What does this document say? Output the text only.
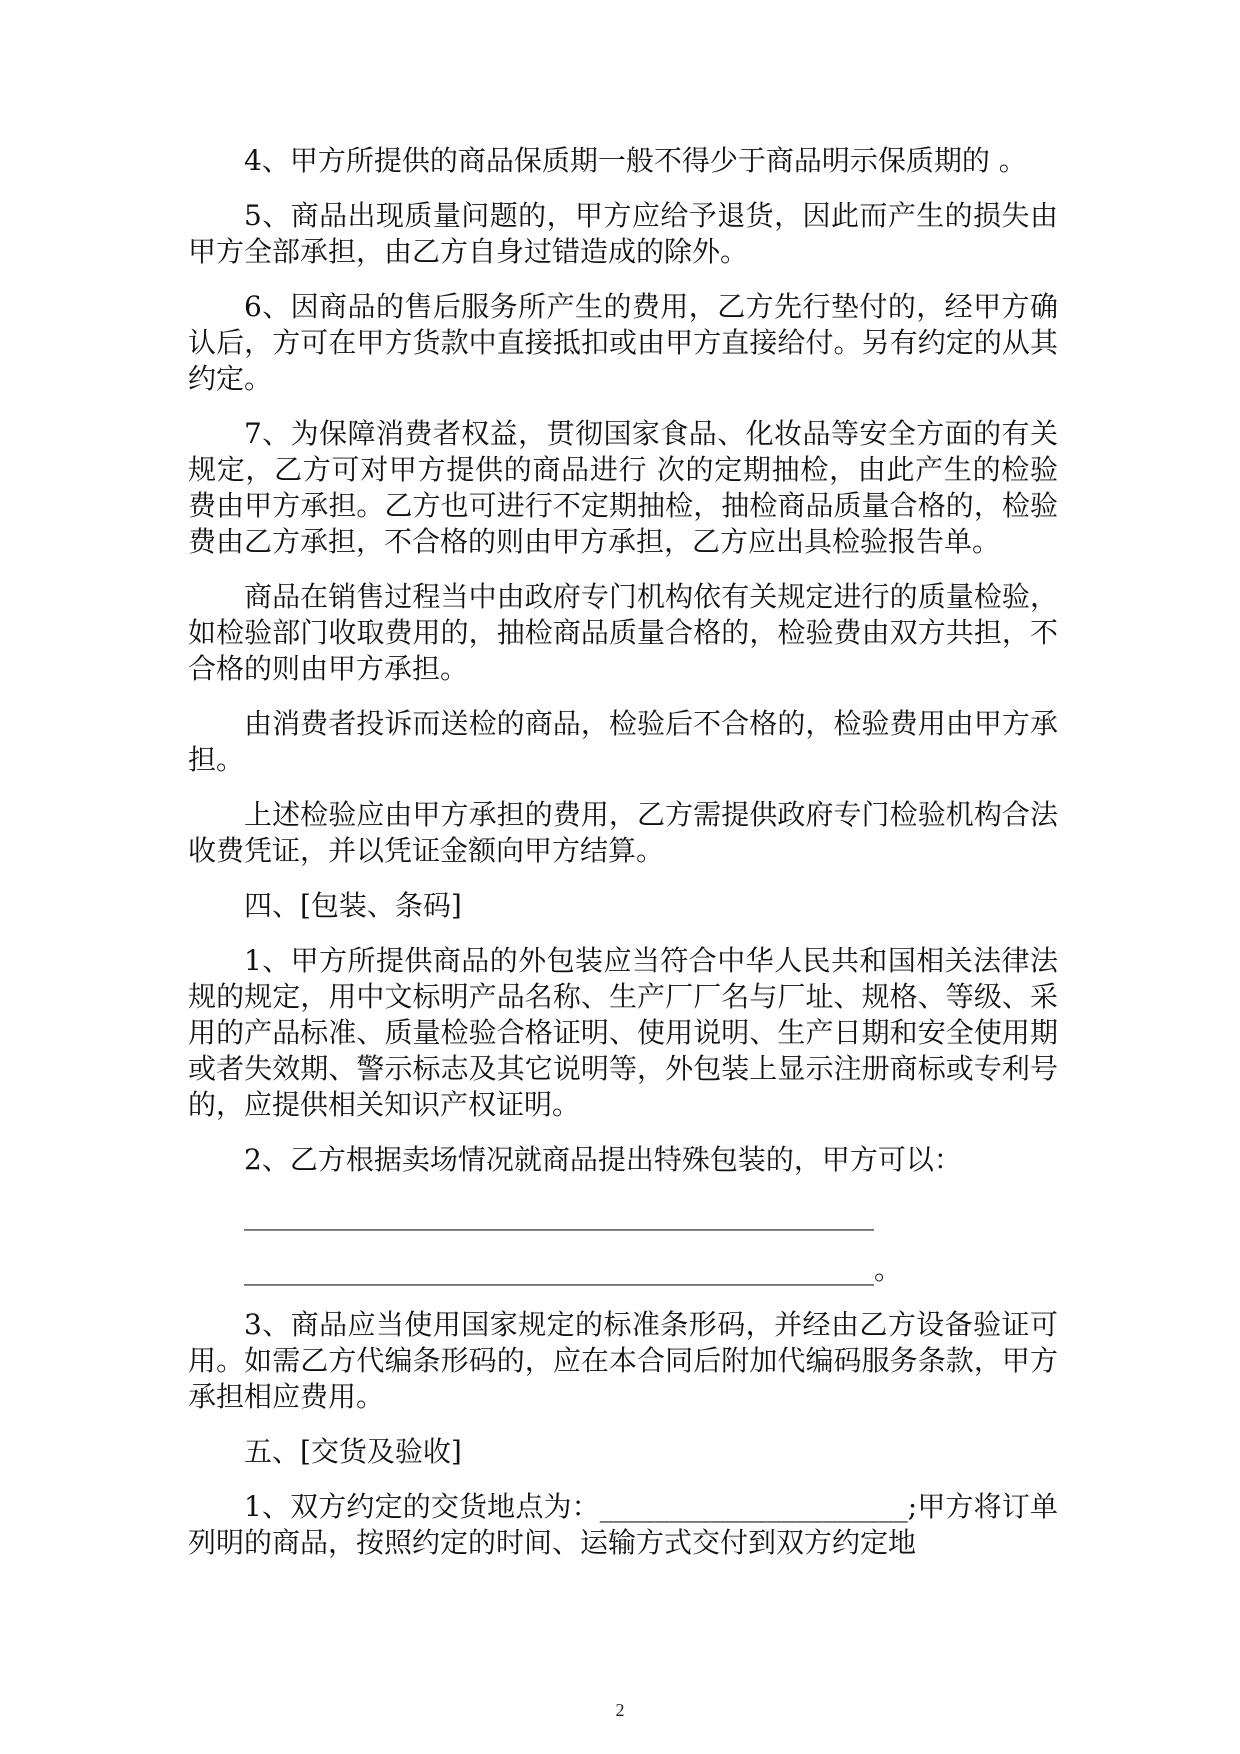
4、甲方所提供的商品保质期一般不得少于商品明示保质期的 。

5、商品出现质量问题的，甲方应给予退货，因此而产生的损失由甲方全部承担，由乙方自身过错造成的除外。

6、因商品的售后服务所产生的费用，乙方先行垫付的，经甲方确认后，方可在甲方货款中直接抵扣或由甲方直接给付。另有约定的从其约定。

7、为保障消费者权益，贯彻国家食品、化妆品等安全方面的有关规定，乙方可对甲方提供的商品进行 次的定期抽检，由此产生的检验费由甲方承担。乙方也可进行不定期抽检，抽检商品质量合格的，检验费由乙方承担，不合格的则由甲方承担，乙方应出具检验报告单。

商品在销售过程当中由政府专门机构依有关规定进行的质量检验，如检验部门收取费用的，抽检商品质量合格的，检验费由双方共担，不合格的则由甲方承担。

由消费者投诉而送检的商品，检验后不合格的，检验费用由甲方承担。

上述检验应由甲方承担的费用，乙方需提供政府专门检验机构合法收费凭证，并以凭证金额向甲方结算。

四、[包装、条码]

1、甲方所提供商品的外包装应当符合中华人民共和国相关法律法规的规定，用中文标明产品名称、生产厂厂名与厂址、规格、等级、采用的产品标准、质量检验合格证明、使用说明、生产日期和安全使用期或者失效期、警示标志及其它说明等，外包装上显示注册商标或专利号的，应提供相关知识产权证明。

2、乙方根据卖场情况就商品提出特殊包装的，甲方可以：

_____________________________________________

_____________________________________________。

3、商品应当使用国家规定的标准条形码，并经由乙方设备验证可用。如需乙方代编条形码的，应在本合同后附加代编码服务条款，甲方承担相应费用。

五、[交货及验收]

1、双方约定的交货地点为：______________________;甲方将订单列明的商品，按照约定的时间、运输方式交付到双方约定地

2
